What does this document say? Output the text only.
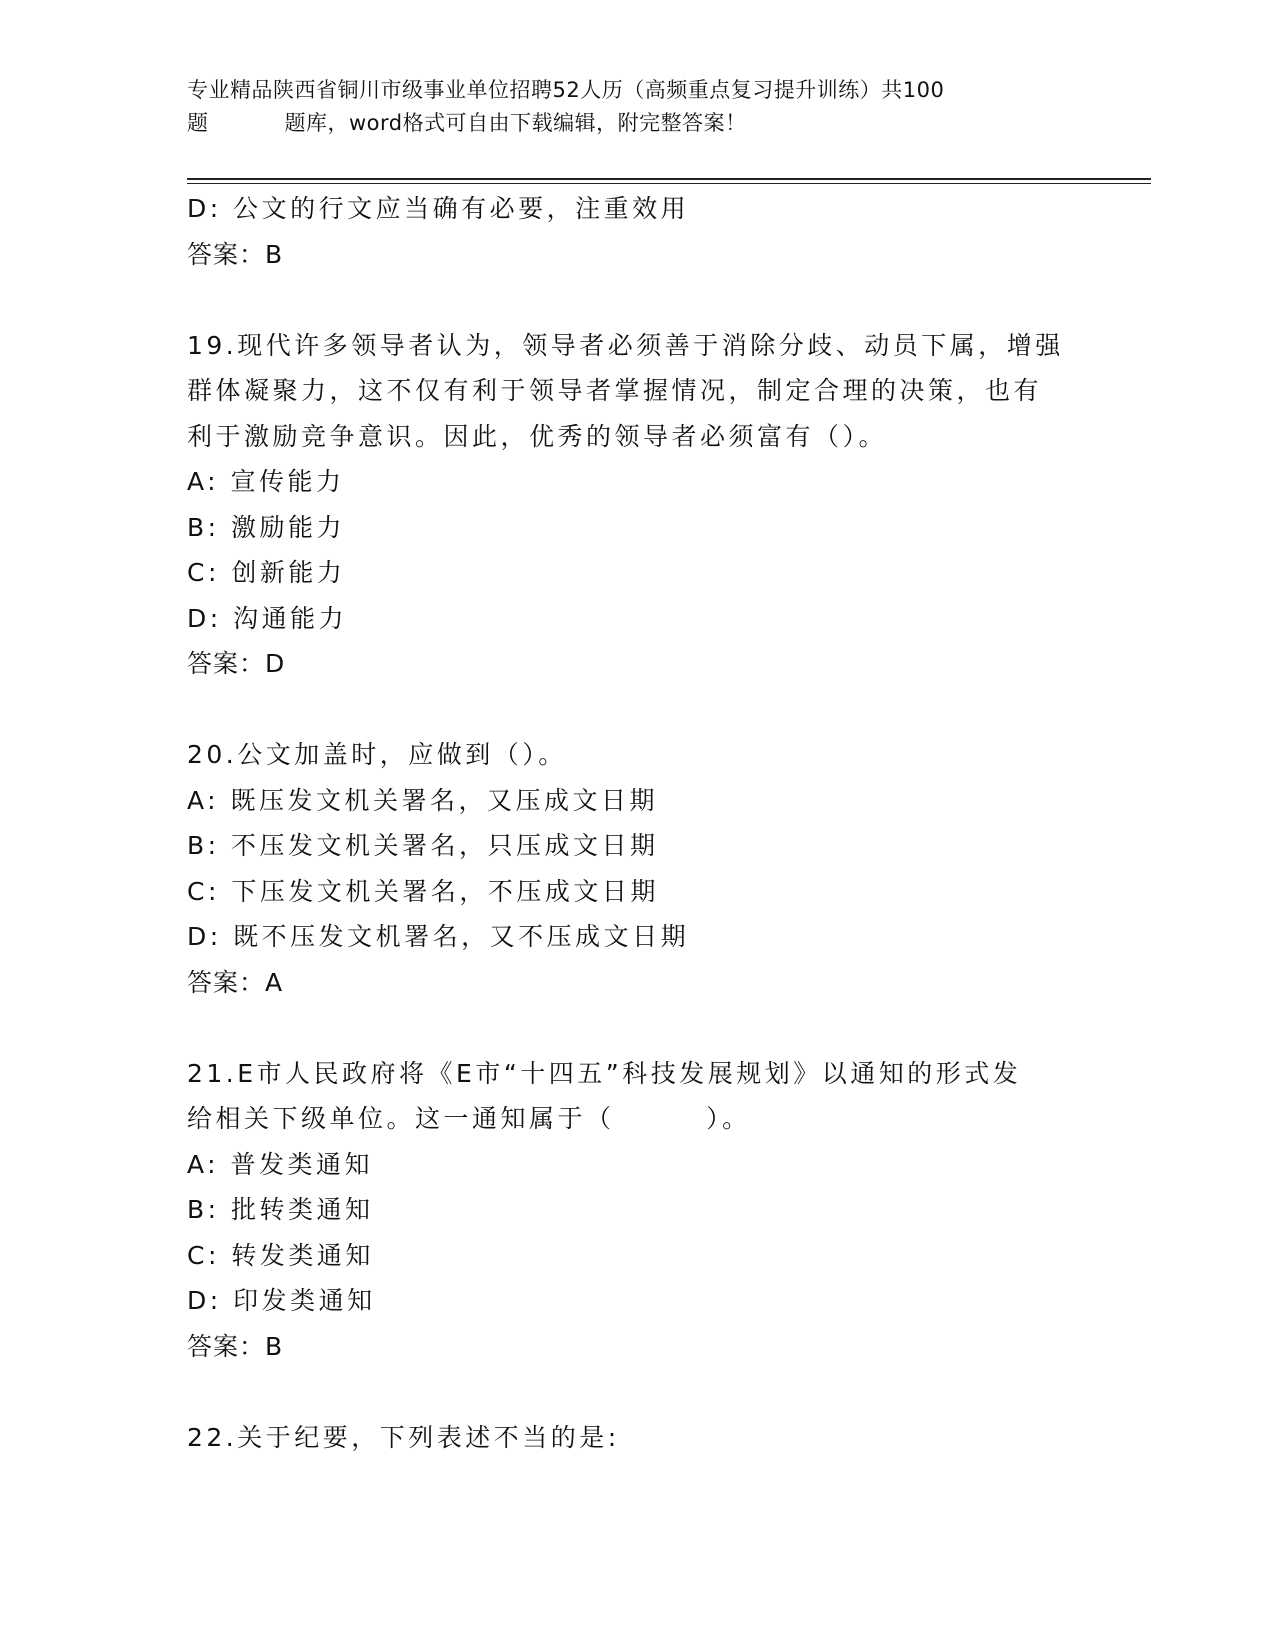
专业精品陕西省铜川市级事业单位招聘52人历（高频重点复习提升训练）共100
题	题库，word格式可自由下载编辑，附完整答案！

D: 公文的行文应当确有必要，注重效用

答案：B

19.现代许多领导者认为，领导者必须善于消除分歧、动员下属，增强

群体凝聚力，这不仅有利于领导者掌握情况，制定合理的决策，也有

利于激励竞争意识。因此，优秀的领导者必须富有（）。

A: 宣传能力

B: 激励能力

C: 创新能力

D: 沟通能力

答案：D

20.公文加盖时，应做到（）。

A: 既压发文机关署名，又压成文日期

B: 不压发文机关署名，只压成文日期

C: 下压发文机关署名，不压成文日期

D: 既不压发文机署名，又不压成文日期

答案：A

21.E市人民政府将《E市“十四五”科技发展规划》以通知的形式发

给相关下级单位。这一通知属于（        ）。

A: 普发类通知

B: 批转类通知

C: 转发类通知

D: 印发类通知

答案：B

22.关于纪要，下列表述不当的是:
